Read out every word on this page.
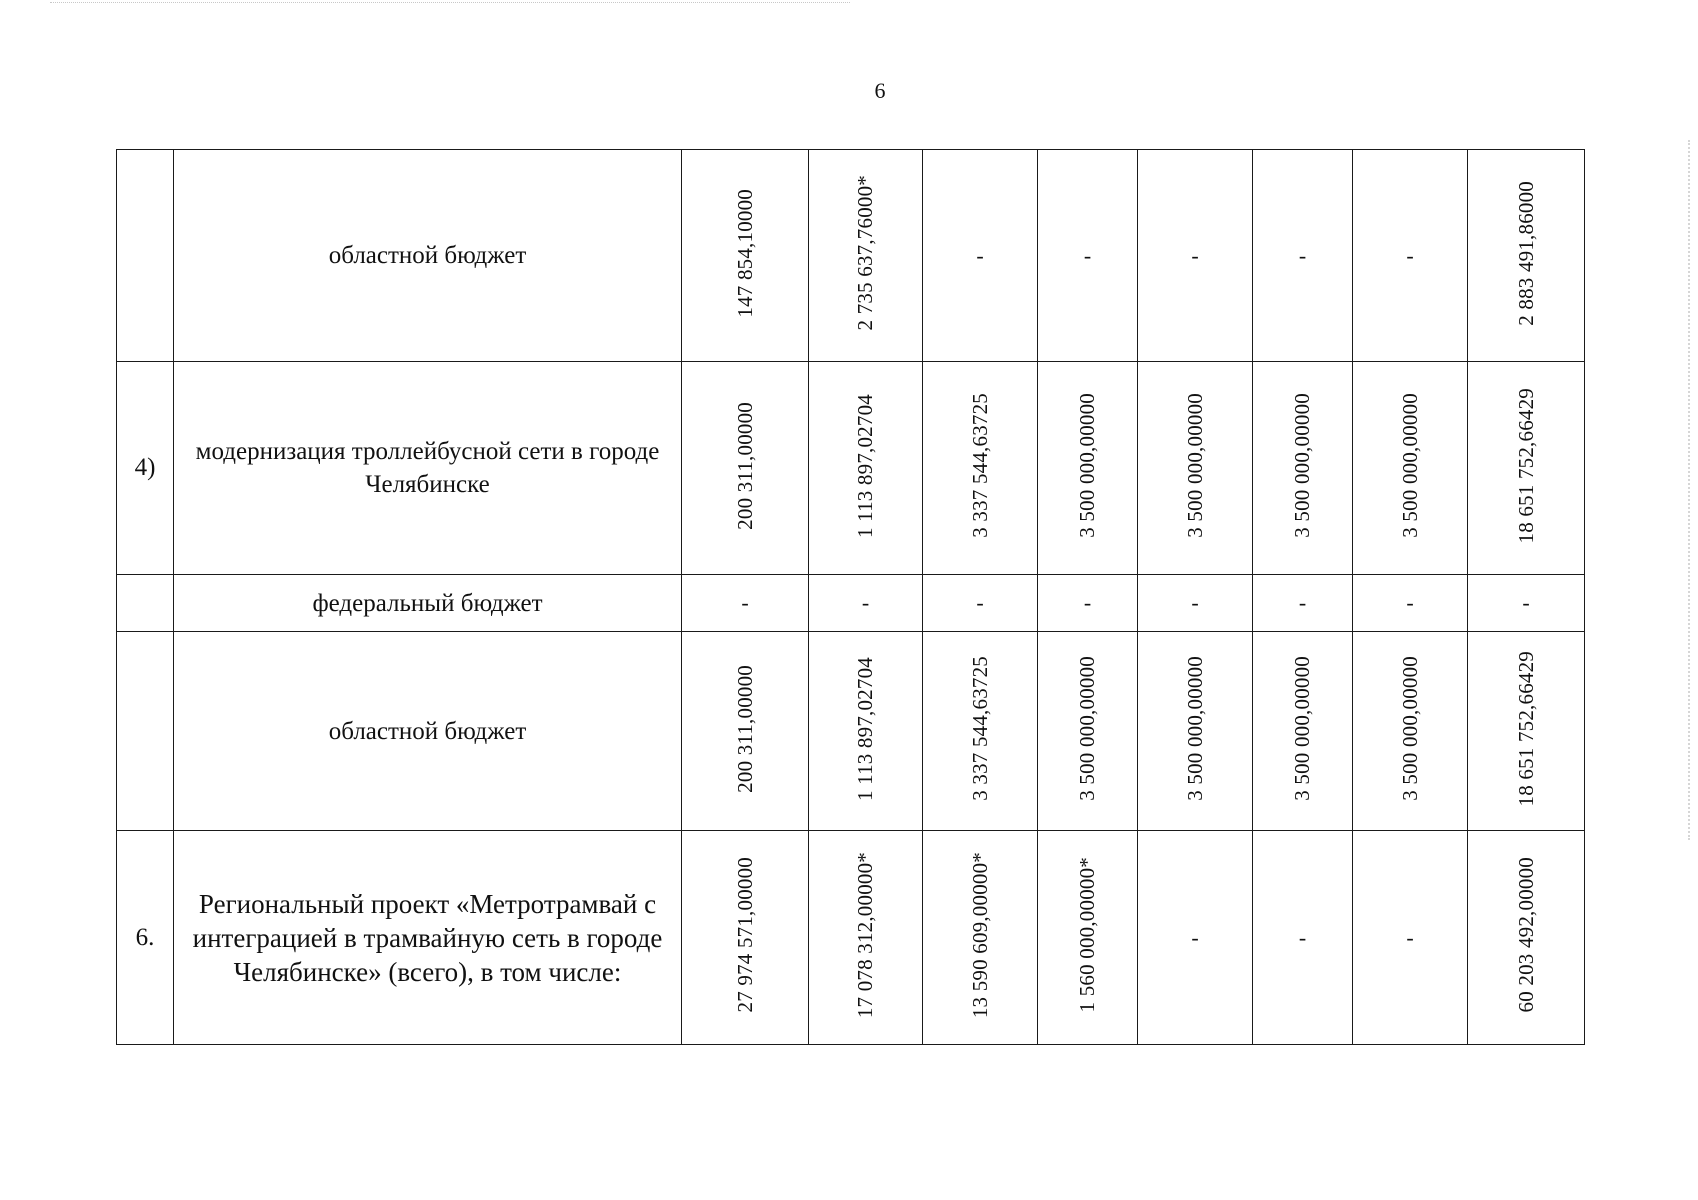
6
	областной бюджет	147 854,10000	2 735 637,76000*	-	-	-	-	-	2 883 491,86000
4)	модернизация троллейбусной сети в городе Челябинске	200 311,00000	1 113 897,02704	3 337 544,63725	3 500 000,00000	3 500 000,00000	3 500 000,00000	3 500 000,00000	18 651 752,66429
	федеральный бюджет	-	-	-	-	-	-	-	-
	областной бюджет	200 311,00000	1 113 897,02704	3 337 544,63725	3 500 000,00000	3 500 000,00000	3 500 000,00000	3 500 000,00000	18 651 752,66429
6.	Региональный проект «Метротрамвай с интеграцией в трамвайную сеть в городе Челябинске» (всего), в том числе:	27 974 571,00000	17 078 312,00000*	13 590 609,00000*	1 560 000,00000*	-	-	-	60 203 492,00000
